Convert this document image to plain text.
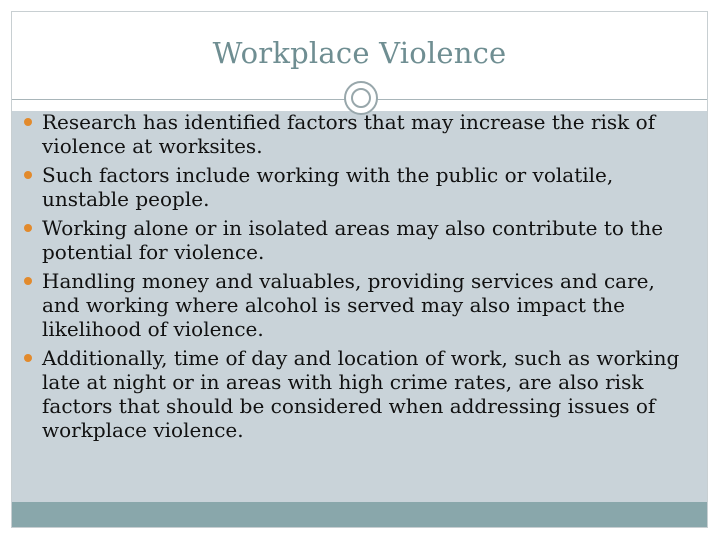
Workplace Violence
Research has identified factors that may increase the risk of violence at worksites.
Such factors include working with the public or volatile, unstable people.
Working alone or in isolated areas may also contribute to the potential for violence.
Handling money and valuables, providing services and care, and working where alcohol is served may also impact the likelihood of violence.
Additionally, time of day and location of work, such as working late at night or in areas with high crime rates, are also risk factors that should be considered when addressing issues of workplace violence.
